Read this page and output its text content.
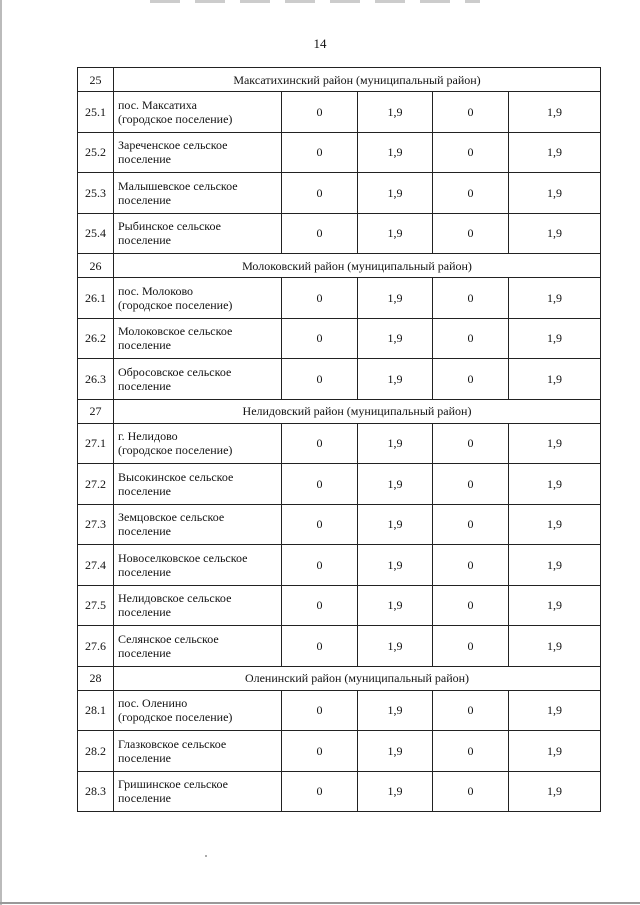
14
25	Максатихинский район (муниципальный район)				
25.1	пос. Максатиха
(городское поселение)	0	1,9	0	1,9
25.2	Зареченское сельское
поселение	0	1,9	0	1,9
25.3	Малышевское сельское
поселение	0	1,9	0	1,9
25.4	Рыбинское сельское
поселение	0	1,9	0	1,9
26	Молоковский район (муниципальный район)				
26.1	пос. Молоково
(городское поселение)	0	1,9	0	1,9
26.2	Молоковское сельское
поселение	0	1,9	0	1,9
26.3	Обросовское сельское
поселение	0	1,9	0	1,9
27	Нелидовский район (муниципальный район)				
27.1	г. Нелидово
(городское поселение)	0	1,9	0	1,9
27.2	Высокинское сельское
поселение	0	1,9	0	1,9
27.3	Земцовское сельское
поселение	0	1,9	0	1,9
27.4	Новоселковское сельское
поселение	0	1,9	0	1,9
27.5	Нелидовское сельское
поселение	0	1,9	0	1,9
27.6	Селянское сельское
поселение	0	1,9	0	1,9
28	Оленинский район (муниципальный район)				
28.1	пос. Оленино
(городское поселение)	0	1,9	0	1,9
28.2	Глазковское сельское
поселение	0	1,9	0	1,9
28.3	Гришинское сельское
поселение	0	1,9	0	1,9
